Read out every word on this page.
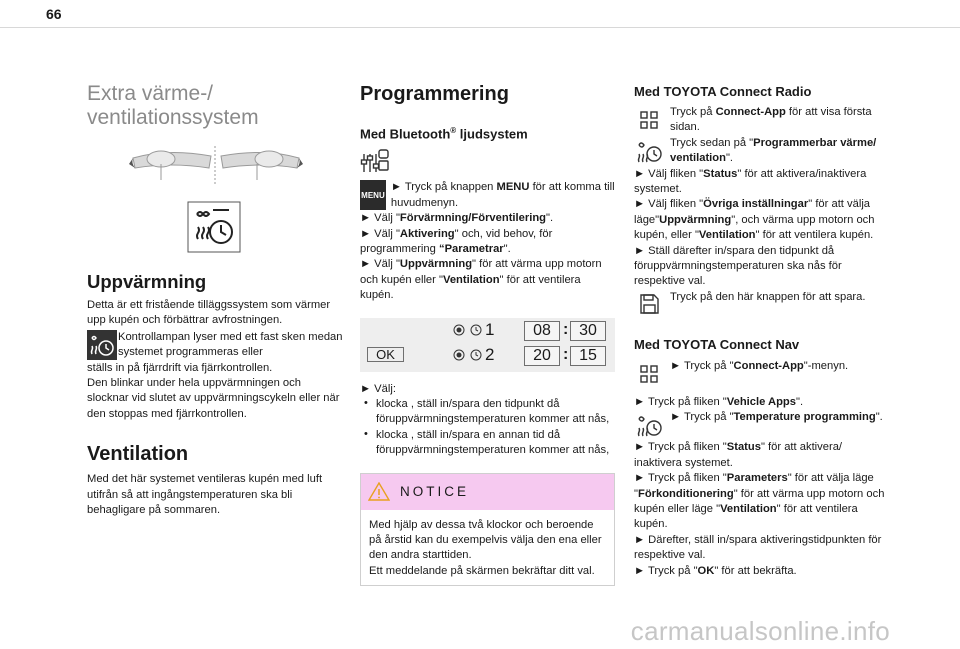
66
Extra värme-/
ventilationssystem
Uppvärmning

Detta är ett fristående tilläggssystem som värmer upp kupén och förbättrar avfrostningen.

Kontrollampan lyser med ett fast sken medan systemet programmeras eller

ställs in på fjärrdrift via fjärrkontrollen.

Den blinkar under hela uppvärmningen och slocknar vid slutet av uppvärmningscykeln eller när den stoppas med fjärrkontrollen.

Ventilation

Med det här systemet ventileras kupén med luft utifrån så att ingångstemperaturen ska bli behagligare på sommaren.

Programmering
Med Bluetooth® ljudsystem
MENU

► Tryck på knappen MENU för att komma till huvudmenyn.

► Välj "Förvärmning/Förventilering".

► Välj "Aktivering" och, vid behov, för programmering “Parametrar".

► Välj "Uppvärmning" för att värma upp motorn och kupén eller "Ventilation" för att ventilera kupén.

OK
1	08 : 30
2	20 : 15

► Välj:

• klocka , ställ in/spara den tidpunkt då föruppvärmningstemperaturen kommer att nås,

• klocka , ställ in/spara en annan tid då föruppvärmningstemperaturen kommer att nås,

NOTICE

Med hjälp av dessa två klockor och beroende på årstid kan du exempelvis välja den ena eller den andra starttiden.

Ett meddelande på skärmen bekräftar ditt val.

Med TOYOTA Connect Radio

Tryck på Connect-App för att visa första sidan.

Tryck sedan på "Programmerbar värme/ ventilation".

► Välj fliken "Status" för att aktivera/inaktivera systemet.

► Välj fliken "Övriga inställningar" för att välja läge"Uppvärmning", och värma upp motorn och kupén, eller "Ventilation" för att ventilera kupén.

► Ställ därefter in/spara den tidpunkt då föruppvärmningstemperaturen ska nås för respektive val.

Tryck på den här knappen för att spara.

Med TOYOTA Connect Nav

► Tryck på "Connect-App"-menyn.

► Tryck på fliken "Vehicle Apps".

► Tryck på "Temperature programming".

► Tryck på fliken "Status" för att aktivera/ inaktivera systemet.

► Tryck på fliken "Parameters" för att välja läge "Förkonditionering" för att värma upp motorn och kupén eller läge "Ventilation" för att ventilera kupén.

► Därefter, ställ in/spara aktiveringstidpunkten för respektive val.

► Tryck på "OK" för att bekräfta.

carmanualsonline.info
